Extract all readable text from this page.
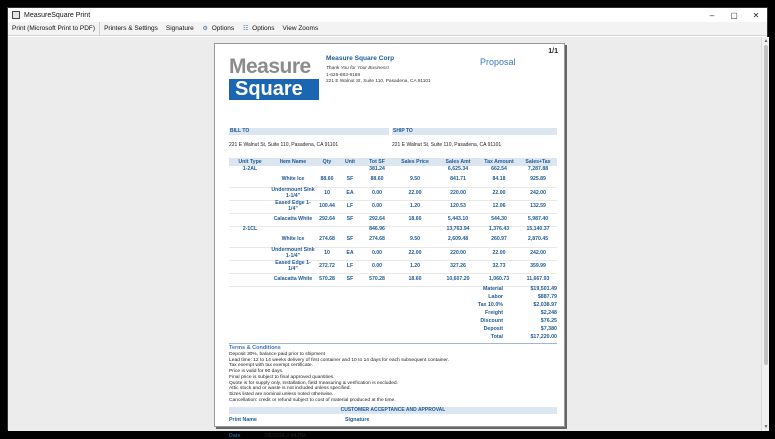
MeasureSquare Print	–	▢	✕
Print (Microsoft Print to PDF)	Printers & Settings	Signature	⚙ Options ☷ Options	View Zooms
1/1
Measure
Square
Measure Square Corp
Thank You for Your Business!
1-626-683-9188
221 E Walnut St, Suite 110, Pasadena, CA 91101
Proposal
BILL TO	SHIP TO
221 E Walnut St, Suite 110, Pasadena, CA 91101	221 E Walnut St, Suite 110, Pasadena, CA 91101
Unit Type	Item Name	Qty	Unit	Tot SF	Sales Price	Sales Amt	Tax Amount	Sales+Tax
1-2AL				381.24		6,625.34	662.54	7,287.88
	White Ice	88.60	SF	88.60	9.50	841.71	84.18	925.89
	Undermount Sink 1-1/4"	10	EA	0.00	22.00	220.00	22.00	242.00
	Eased Edge 1-1/4"	100.44	LF	0.00	1.20	120.53	12.06	132.59
	Calacatta White	292.64	SF	292.64	18.60	5,443.10	544.30	5,987.40
2-1CL				846.96		13,763.94	1,376.43	15,140.37
	White Ice	274.68	SF	274.68	9.50	2,609.48	260.97	2,870.45
	Undermount Sink 1-1/4"	10	EA	0.00	22.00	220.00	22.00	242.00
	Eased Edge 1-1/4"	272.72	LF	0.00	1.20	327.26	32.73	359.99
	Calacatta White	570.28	SF	570.28	18.60	10,607.20	1,060.73	11,667.93
Material	$19,501.49
Labor	$887.79
Tax 10.0%	$2,038.97
Freight	$2,248
Discount	$76.25
Deposit	$7,380
Total	$17,220.00
Terms & Conditions
Deposit 30%, balance paid prior to shipment
Lead time: 12 to 14 weeks delivery of first container and 10 to 14 days for each subsequent container.
Tax exempt with tax exempt certificate.
Price is valid for 90 days.
Final price is subject to final approved quantities.
Quote is for supply only, installation, field measuring & verification is excluded.
Attic stock and or waste is not included unless specified.
Sizes listed are nominal unless noted otherwise.
Cancellation: credit or refund subject to cost of material produced at the time.
CUSTOMER ACCEPTANCE AND APPROVAL
Print Name	Signature
Date	3/8/2024 2:44 PM
▲
▼
